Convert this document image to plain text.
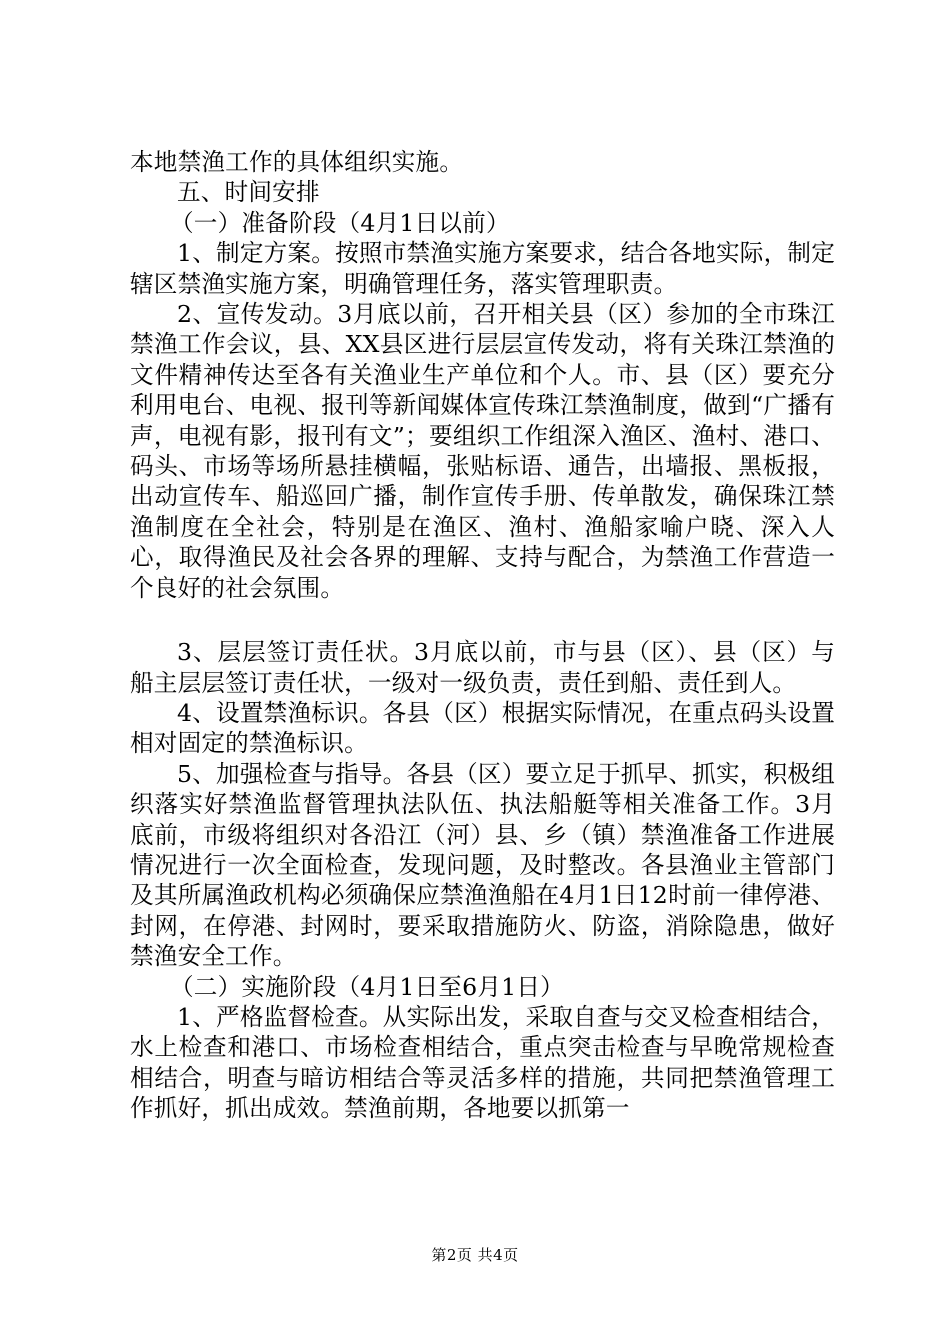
本地禁渔工作的具体组织实施。

五、时间安排

（一）准备阶段（4月1日以前）

1、制定方案。按照市禁渔实施方案要求，结合各地实际，制定辖区禁渔实施方案，明确管理任务，落实管理职责。

2、宣传发动。3月底以前，召开相关县（区）参加的全市珠江禁渔工作会议，县、XX县区进行层层宣传发动，将有关珠江禁渔的文件精神传达至各有关渔业生产单位和个人。市、县（区）要充分利用电台、电视、报刊等新闻媒体宣传珠江禁渔制度，做到“广播有声，电视有影，报刊有文”；要组织工作组深入渔区、渔村、港口、码头、市场等场所悬挂横幅，张贴标语、通告，出墙报、黑板报，出动宣传车、船巡回广播，制作宣传手册、传单散发，确保珠江禁渔制度在全社会，特别是在渔区、渔村、渔船家喻户晓、深入人心，取得渔民及社会各界的理解、支持与配合，为禁渔工作营造一个良好的社会氛围。

3、层层签订责任状。3月底以前，市与县（区）、县（区）与船主层层签订责任状，一级对一级负责，责任到船、责任到人。

4、设置禁渔标识。各县（区）根据实际情况，在重点码头设置相对固定的禁渔标识。

5、加强检查与指导。各县（区）要立足于抓早、抓实，积极组织落实好禁渔监督管理执法队伍、执法船艇等相关准备工作。3月底前，市级将组织对各沿江（河）县、乡（镇）禁渔准备工作进展情况进行一次全面检查，发现问题，及时整改。各县渔业主管部门及其所属渔政机构必须确保应禁渔渔船在4月1日12时前一律停港、封网，在停港、封网时，要采取措施防火、防盗，消除隐患，做好禁渔安全工作。

（二）实施阶段（4月1日至6月1日）

1、严格监督检查。从实际出发，采取自查与交叉检查相结合，水上检查和港口、市场检查相结合，重点突击检查与早晚常规检查相结合，明查与暗访相结合等灵活多样的措施，共同把禁渔管理工作抓好，抓出成效。禁渔前期，各地要以抓第一

第2页 共4页
